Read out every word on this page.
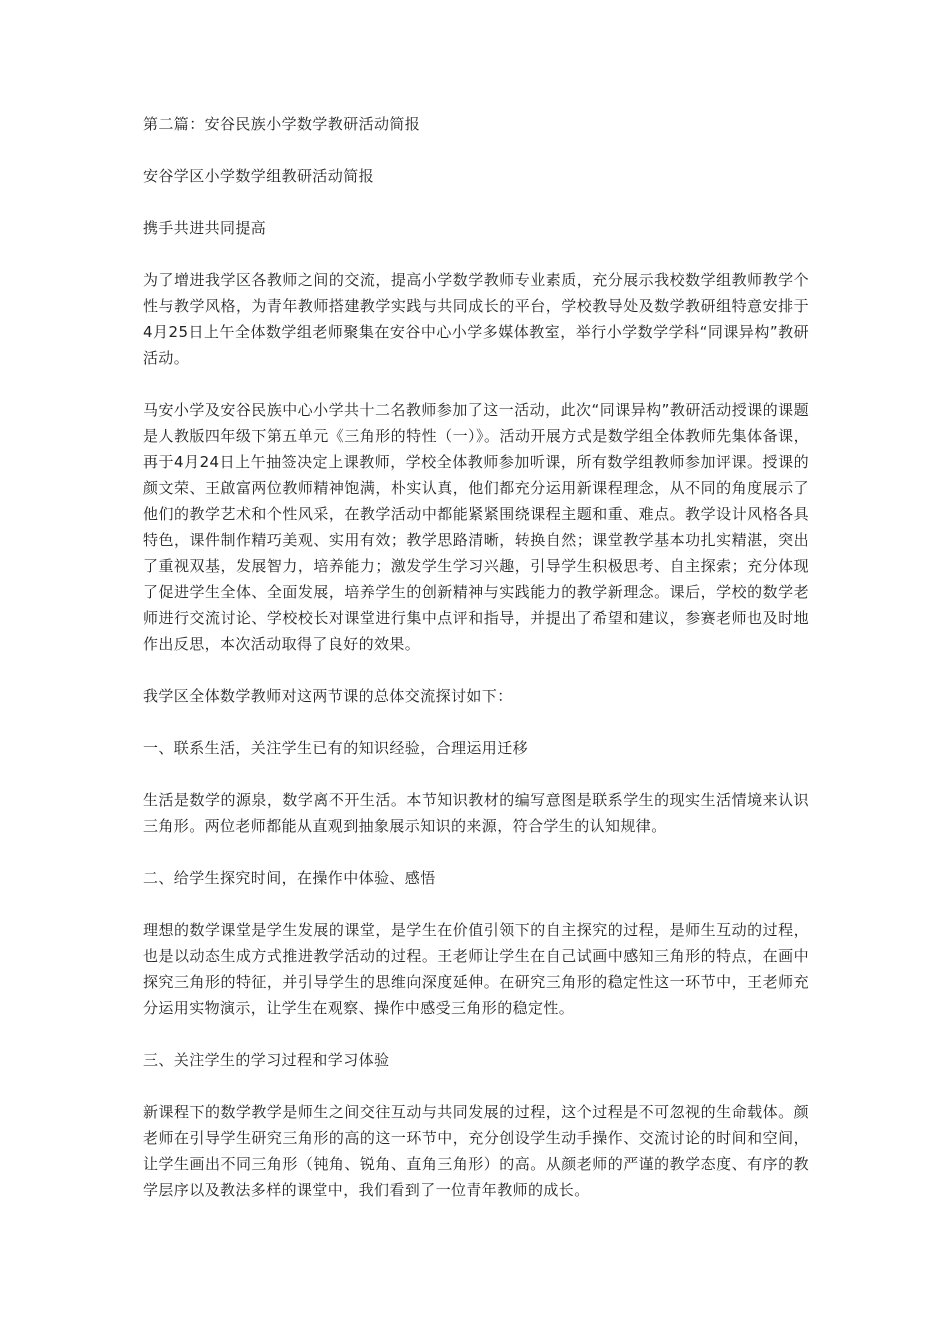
第二篇：安谷民族小学数学教研活动简报

安谷学区小学数学组教研活动简报

携手共进共同提高

为了增进我学区各教师之间的交流，提高小学数学教师专业素质，充分展示我校数学组教师教学个性与教学风格，为青年教师搭建教学实践与共同成长的平台，学校教导处及数学教研组特意安排于4月25日上午全体数学组老师聚集在安谷中心小学多媒体教室，举行小学数学学科“同课异构”教研活动。

马安小学及安谷民族中心小学共十二名教师参加了这一活动，此次“同课异构”教研活动授课的课题是人教版四年级下第五单元《三角形的特性（一）》。活动开展方式是数学组全体教师先集体备课，再于4月24日上午抽签决定上课教师，学校全体教师参加听课，所有数学组教师参加评课。授课的颜文荣、王啟富两位教师精神饱满，朴实认真，他们都充分运用新课程理念，从不同的角度展示了他们的教学艺术和个性风采，在教学活动中都能紧紧围绕课程主题和重、难点。教学设计风格各具特色，课件制作精巧美观、实用有效；教学思路清晰，转换自然；课堂教学基本功扎实精湛，突出了重视双基，发展智力，培养能力；激发学生学习兴趣，引导学生积极思考、自主探索；充分体现了促进学生全体、全面发展，培养学生的创新精神与实践能力的教学新理念。课后，学校的数学老师进行交流讨论、学校校长对课堂进行集中点评和指导，并提出了希望和建议，参赛老师也及时地作出反思，本次活动取得了良好的效果。

我学区全体数学教师对这两节课的总体交流探讨如下：

一、联系生活，关注学生已有的知识经验，合理运用迁移

生活是数学的源泉，数学离不开生活。本节知识教材的编写意图是联系学生的现实生活情境来认识三角形。两位老师都能从直观到抽象展示知识的来源，符合学生的认知规律。

二、给学生探究时间，在操作中体验、感悟

理想的数学课堂是学生发展的课堂，是学生在价值引领下的自主探究的过程，是师生互动的过程，也是以动态生成方式推进教学活动的过程。王老师让学生在自己试画中感知三角形的特点，在画中探究三角形的特征，并引导学生的思维向深度延伸。在研究三角形的稳定性这一环节中，王老师充分运用实物演示，让学生在观察、操作中感受三角形的稳定性。

三、关注学生的学习过程和学习体验

新课程下的数学教学是师生之间交往互动与共同发展的过程，这个过程是不可忽视的生命载体。颜老师在引导学生研究三角形的高的这一环节中，充分创设学生动手操作、交流讨论的时间和空间，让学生画出不同三角形（钝角、锐角、直角三角形）的高。从颜老师的严谨的教学态度、有序的教学层序以及教法多样的课堂中，我们看到了一位青年教师的成长。
